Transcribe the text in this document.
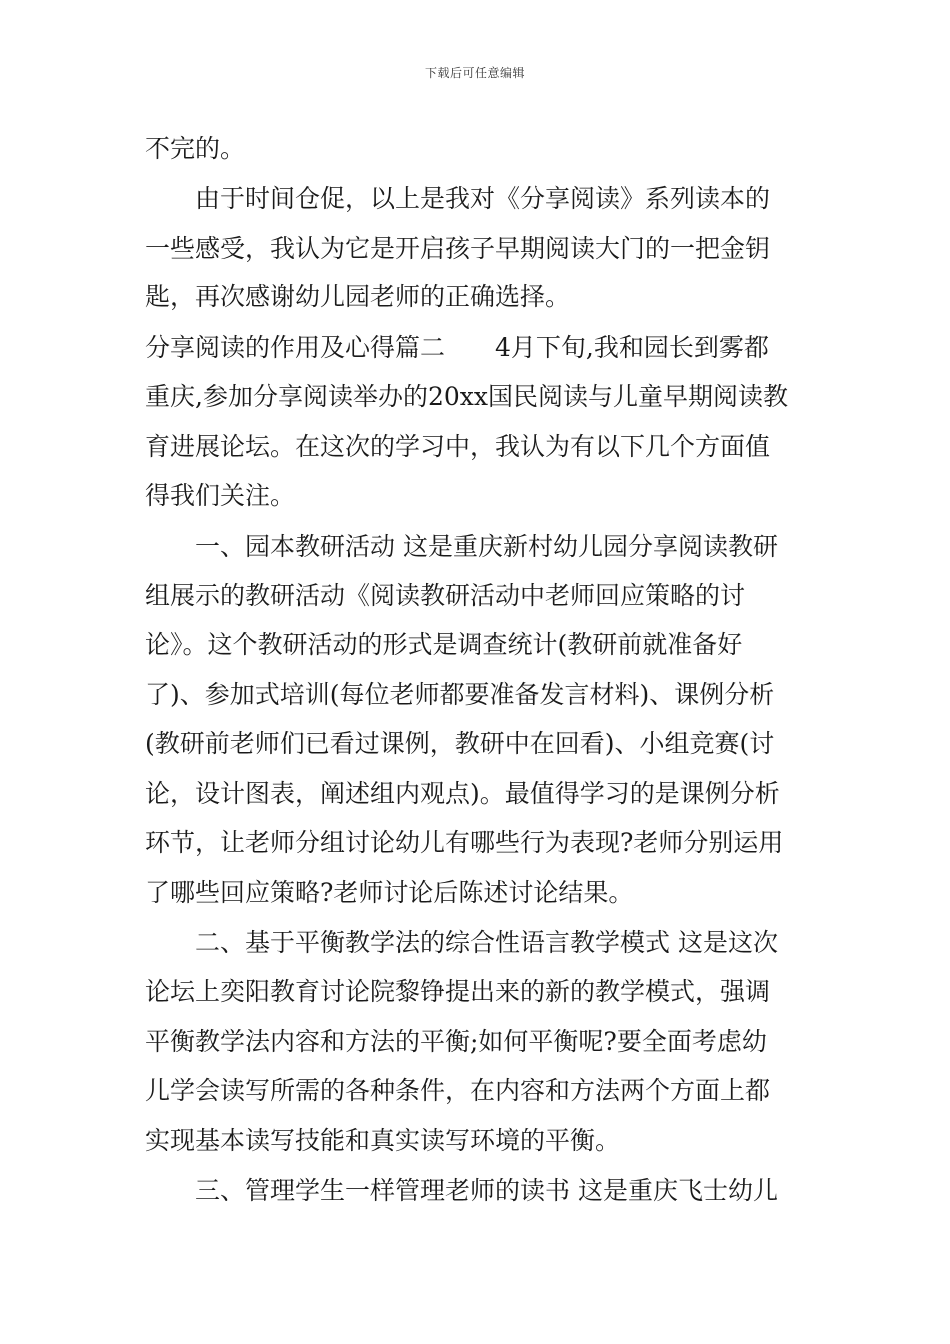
下载后可任意编辑
不完的。
　　由于时间仓促，以上是我对《分享阅读》系列读本的
一些感受，我认为它是开启孩子早期阅读大门的一把金钥
匙，再次感谢幼儿园老师的正确选择。
分享阅读的作用及心得篇二　　4月下旬,我和园长到雾都
重庆,参加分享阅读举办的20xx国民阅读与儿童早期阅读教
育进展论坛。在这次的学习中，我认为有以下几个方面值
得我们关注。
　　一、园本教研活动 这是重庆新村幼儿园分享阅读教研
组展示的教研活动《阅读教研活动中老师回应策略的讨
论》。这个教研活动的形式是调查统计(教研前就准备好
了)、参加式培训(每位老师都要准备发言材料)、课例分析
(教研前老师们已看过课例，教研中在回看)、小组竞赛(讨
论，设计图表，阐述组内观点)。最值得学习的是课例分析
环节，让老师分组讨论幼儿有哪些行为表现?老师分别运用
了哪些回应策略?老师讨论后陈述讨论结果。
　　二、基于平衡教学法的综合性语言教学模式 这是这次
论坛上奕阳教育讨论院黎铮提出来的新的教学模式，强调
平衡教学法内容和方法的平衡;如何平衡呢?要全面考虑幼
儿学会读写所需的各种条件，在内容和方法两个方面上都
实现基本读写技能和真实读写环境的平衡。
　　三、管理学生一样管理老师的读书 这是重庆飞士幼儿
